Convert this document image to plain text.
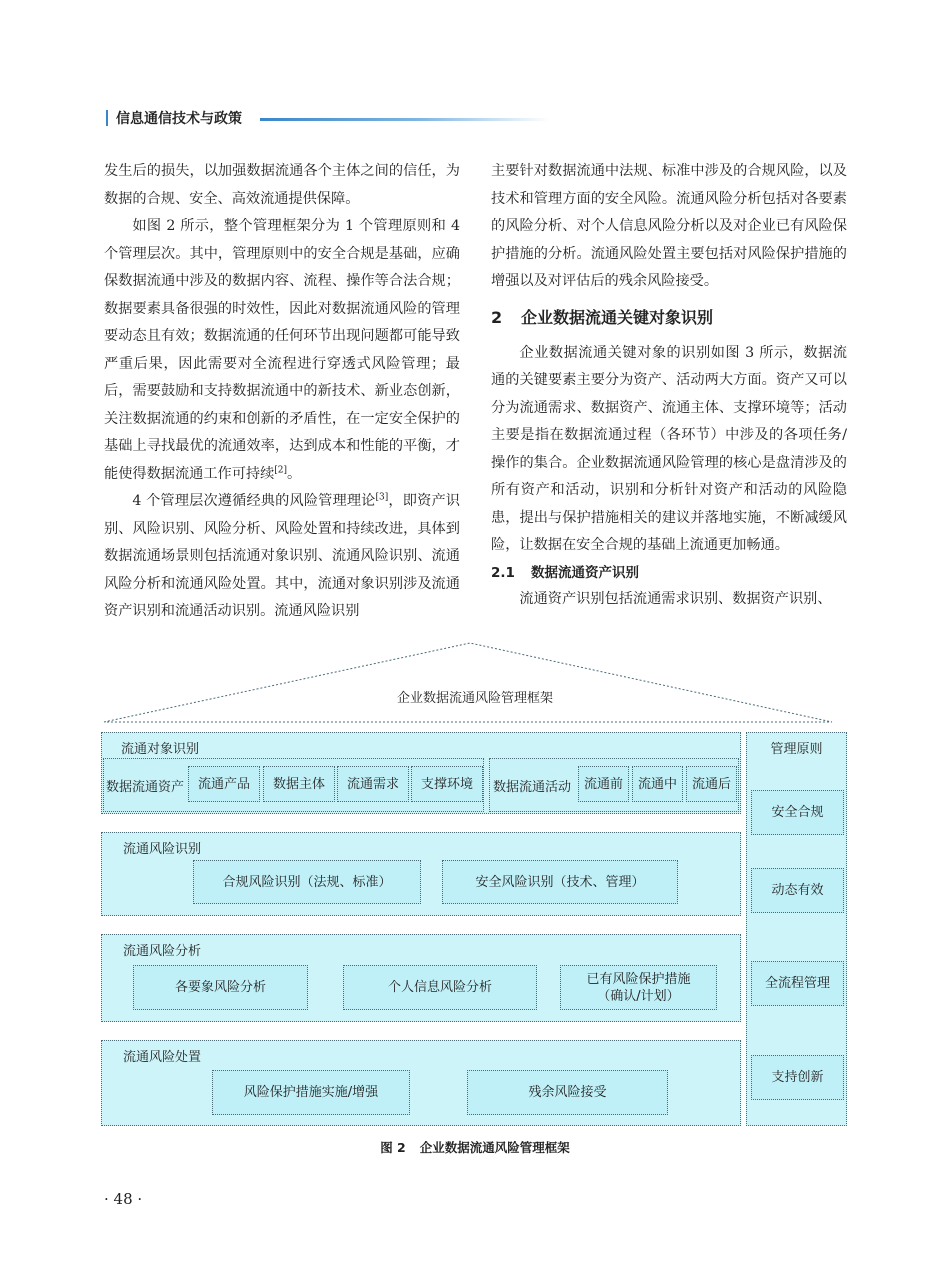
信息通信技术与政策

发生后的损失，以加强数据流通各个主体之间的信任，为数据的合规、安全、高效流通提供保障。

如图 2 所示，整个管理框架分为 1 个管理原则和 4 个管理层次。其中，管理原则中的安全合规是基础，应确保数据流通中涉及的数据内容、流程、操作等合法合规；数据要素具备很强的时效性，因此对数据流通风险的管理要动态且有效；数据流通的任何环节出现问题都可能导致严重后果，因此需要对全流程进行穿透式风险管理；最后，需要鼓励和支持数据流通中的新技术、新业态创新，关注数据流通的约束和创新的矛盾性，在一定安全保护的基础上寻找最优的流通效率，达到成本和性能的平衡，才能使得数据流通工作可持续[2]。

4 个管理层次遵循经典的风险管理理论[3]，即资产识别、风险识别、风险分析、风险处置和持续改进，具体到数据流通场景则包括流通对象识别、流通风险识别、流通风险分析和流通风险处置。其中，流通对象识别涉及流通资产识别和流通活动识别。流通风险识别

主要针对数据流通中法规、标准中涉及的合规风险，以及技术和管理方面的安全风险。流通风险分析包括对各要素的风险分析、对个人信息风险分析以及对企业已有风险保护措施的分析。流通风险处置主要包括对风险保护措施的增强以及对评估后的残余风险接受。

2 企业数据流通关键对象识别

企业数据流通关键对象的识别如图 3 所示，数据流通的关键要素主要分为资产、活动两大方面。资产又可以分为流通需求、数据资产、流通主体、支撑环境等；活动主要是指在数据流通过程（各环节）中涉及的各项任务/操作的集合。企业数据流通风险管理的核心是盘清涉及的所有资产和活动，识别和分析针对资产和活动的风险隐患，提出与保护措施相关的建议并落地实施，不断减缓风险，让数据在安全合规的基础上流通更加畅通。

2.1 数据流通资产识别

流通资产识别包括流通需求识别、数据资产识别、

企业数据流通风险管理框架
流通对象识别
数据流通资产	流通产品	数据主体	流通需求	支撑环境	数据流通活动 流通前	流通中	流通后
流通风险识别
合规风险识别（法规、标准）	安全风险识别（技术、管理）
流通风险分析
各要象风险分析	个人信息风险分析
已有风险保护措施
（确认/计划）
流通风险处置
风险保护措施实施/增强	残余风险接受
管理原则
安全合规
动态有效
全流程管理
支持创新
图 2 企业数据流通风险管理框架
· 48 ·
